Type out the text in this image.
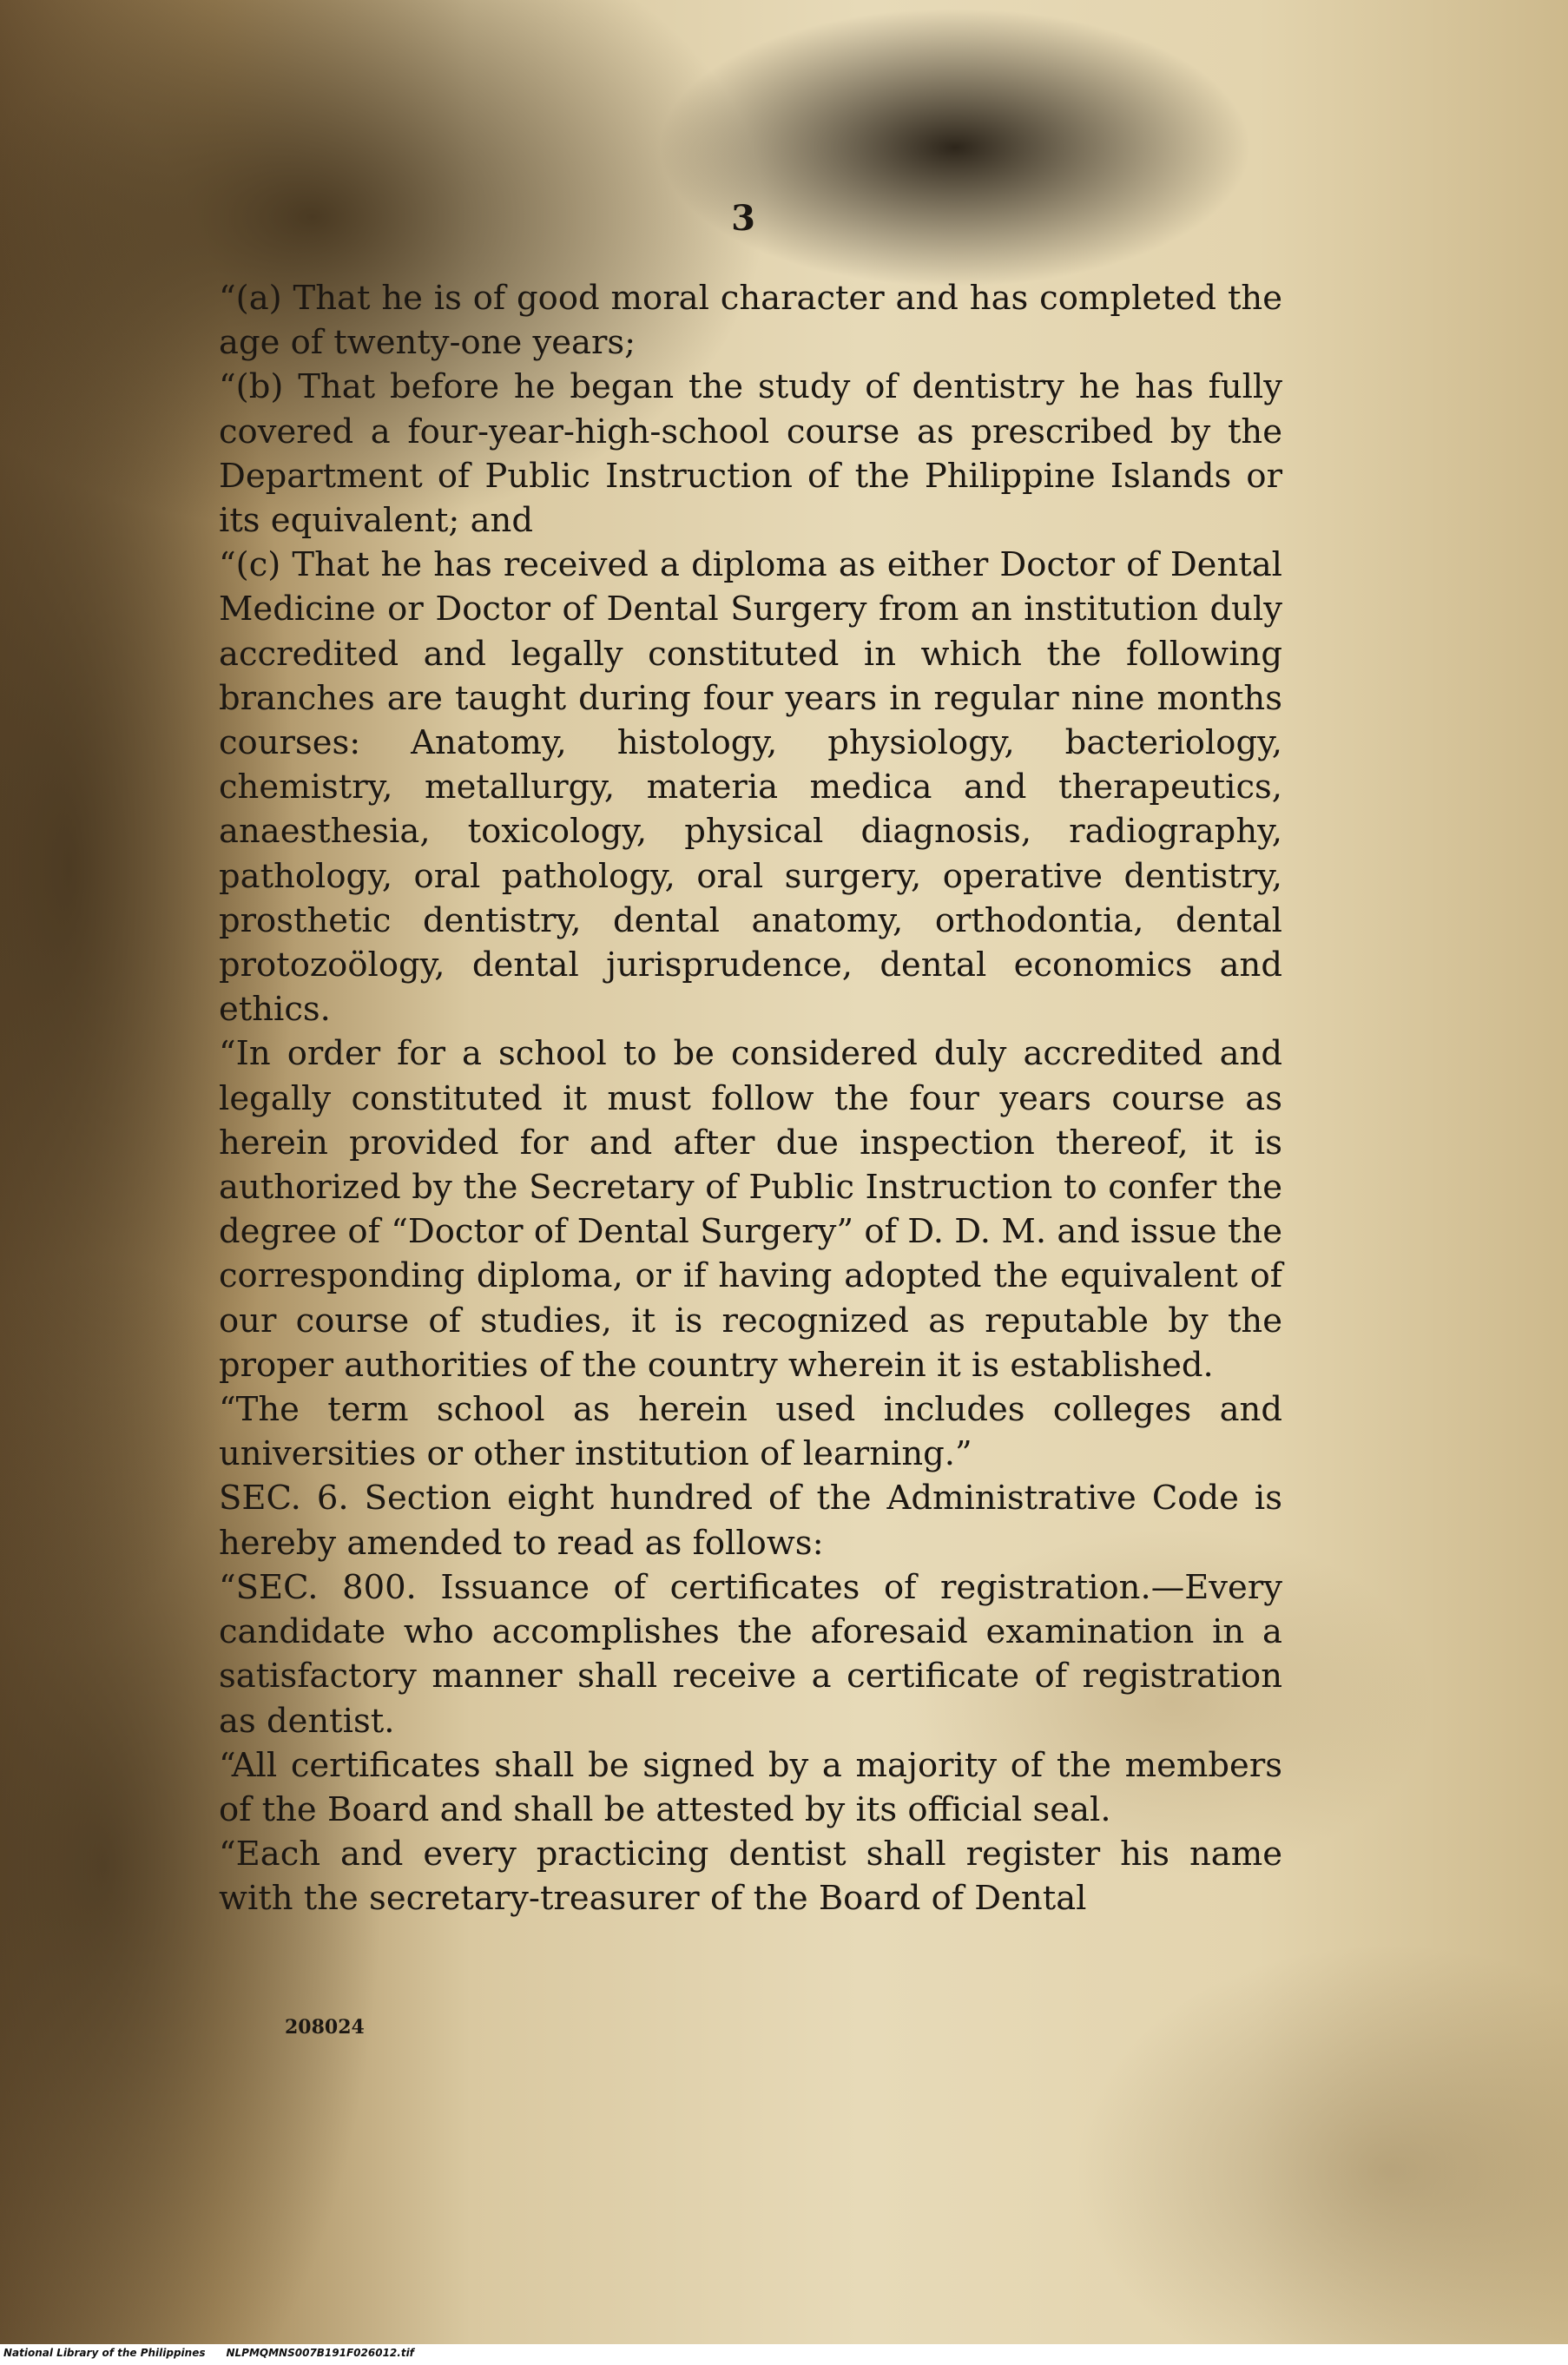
3

“(a) That he is of good moral character and has completed the age of twenty-one years;

“(b) That before he began the study of dentistry he has fully covered a four-year-high-school course as prescribed by the Department of Public Instruction of the Philippine Islands or its equivalent; and

“(c) That he has received a diploma as either Doctor of Dental Medicine or Doctor of Dental Surgery from an institution duly accredited and legally constituted in which the following branches are taught during four years in regular nine months courses: Anatomy, histology, physiology, bacteriology, chemistry, metallurgy, materia medica and therapeutics, anaesthesia, toxicology, physical diagnosis, radiography, pathology, oral pathology, oral surgery, operative dentistry, prosthetic dentistry, dental anatomy, orthodontia, dental protozoölogy, dental jurisprudence, dental economics and ethics.

“In order for a school to be considered duly accredited and legally constituted it must follow the four years course as herein provided for and after due inspection thereof, it is authorized by the Secretary of Public Instruction to confer the degree of “Doctor of Dental Surgery” of D. D. M. and issue the corresponding diploma, or if having adopted the equivalent of our course of studies, it is recognized as reputable by the proper authorities of the country wherein it is established.

“The term school as herein used includes colleges and universities or other institution of learning.”

SEC. 6. Section eight hundred of the Administrative Code is hereby amended to read as follows:

“SEC. 800. Issuance of certificates of registration.—Every candidate who accomplishes the aforesaid examination in a satisfactory manner shall receive a certificate of registration as dentist.

“All certificates shall be signed by a majority of the members of the Board and shall be attested by its official seal.

“Each and every practicing dentist shall register his name with the secretary-treasurer of the Board of Dental

208024
National Library of the Philippines NLPMQMNS007B191F026012.tif
